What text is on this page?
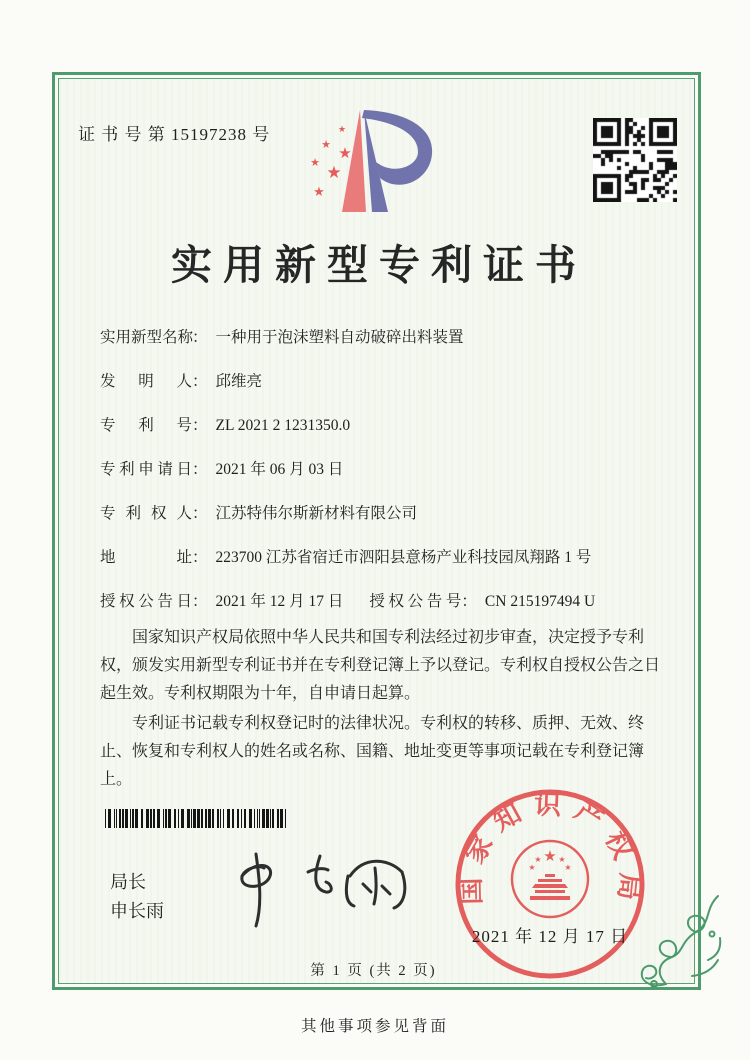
证 书 号 第 15197238 号	★
★ ★
★
★
★
实用新型专利证书
实用新型名称
： 一种用于泡沫塑料自动破碎出料装置
发明人 ： 邱维亮
专利号 ： ZL 2021 2 1231350.0
专利申请日 ： 2021 年 06 月 03 日
专利权人 ： 江苏特伟尔斯新材料有限公司
地址 ： 223700 江苏省宿迁市泗阳县意杨产业科技园凤翔路 1 号
授权公告日 ： 2021 年 12 月 17 日 授权公告号 ： CN 215197494 U

国家知识产权局依照中华人民共和国专利法经过初步审查，决定授予专利权，颁发实用新型专利证书并在专利登记簿上予以登记。专利权自授权公告之日起生效。专利权期限为十年，自申请日起算。

专利证书记载专利权登记时的法律状况。专利权的转移、质押、无效、终止、恢复和专利权人的姓名或名称、国籍、地址变更等事项记载在专利登记簿上。

局长
申长雨
国家知识产权局
★
★	★
★ ★
2021 年 12 月 17 日
第 1 页 (共 2 页)
其他事项参见背面
